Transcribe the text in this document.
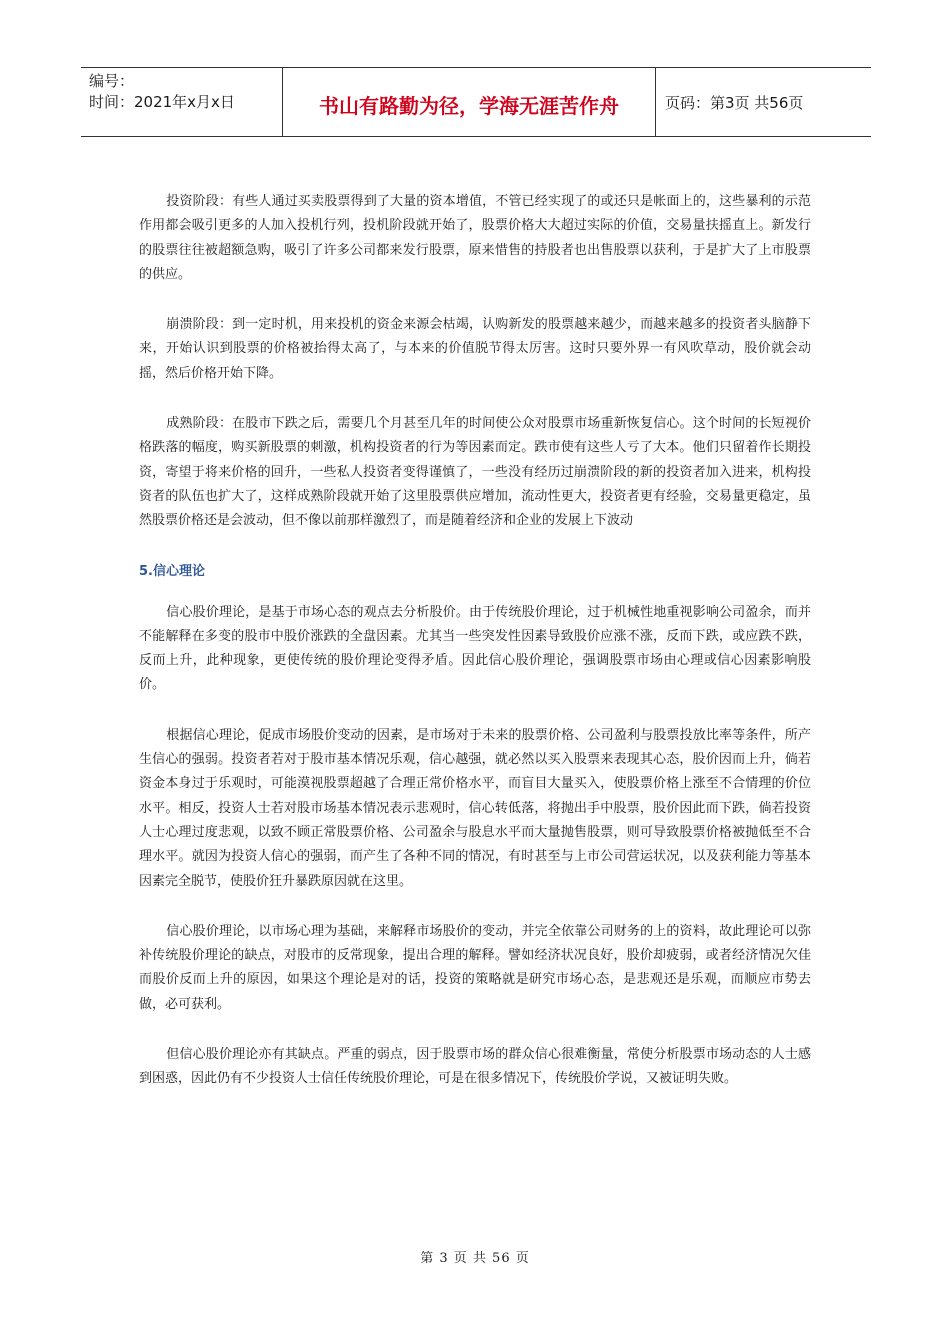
编号：
时间：2021年x月x日	书山有路勤为径，学海无涯苦作舟	页码：第3页 共56页

投资阶段：有些人通过买卖股票得到了大量的资本增值，不管已经实现了的或还只是帐面上的，这些暴利的示范作用都会吸引更多的人加入投机行列，投机阶段就开始了，股票价格大大超过实际的价值，交易量扶摇直上。新发行的股票往往被超额急购，吸引了许多公司都来发行股票，原来惜售的持股者也出售股票以获利，于是扩大了上市股票的供应。

崩溃阶段：到一定时机，用来投机的资金来源会枯竭，认购新发的股票越来越少，而越来越多的投资者头脑静下来，开始认识到股票的价格被抬得太高了，与本来的价值脱节得太厉害。这时只要外界一有风吹草动，股价就会动摇，然后价格开始下降。

成熟阶段：在股市下跌之后，需要几个月甚至几年的时间使公众对股票市场重新恢复信心。这个时间的长短视价格跌落的幅度，购买新股票的刺激，机构投资者的行为等因素而定。跌市使有这些人亏了大本。他们只留着作长期投资，寄望于将来价格的回升，一些私人投资者变得谨慎了，一些没有经历过崩溃阶段的新的投资者加入进来，机构投资者的队伍也扩大了，这样成熟阶段就开始了这里股票供应增加，流动性更大，投资者更有经验，交易量更稳定，虽然股票价格还是会波动，但不像以前那样激烈了，而是随着经济和企业的发展上下波动

5.信心理论

信心股价理论，是基于市场心态的观点去分析股价。由于传统股价理论，过于机械性地重视影响公司盈余，而并不能解释在多变的股市中股价涨跌的全盘因素。尤其当一些突发性因素导致股价应涨不涨，反而下跌，或应跌不跌，反而上升，此种现象，更使传统的股价理论变得矛盾。因此信心股价理论，强调股票市场由心理或信心因素影响股价。

根据信心理论，促成市场股价变动的因素，是市场对于未来的股票价格、公司盈利与股票投放比率等条件，所产生信心的强弱。投资者若对于股市基本情况乐观，信心越强，就必然以买入股票来表现其心态，股价因而上升，倘若资金本身过于乐观时，可能漠视股票超越了合理正常价格水平，而盲目大量买入，使股票价格上涨至不合情理的价位水平。相反，投资人士若对股市场基本情况表示悲观时，信心转低落，将抛出手中股票，股价因此而下跌，倘若投资人士心理过度悲观，以致不顾正常股票价格、公司盈余与股息水平而大量抛售股票，则可导致股票价格被抛低至不合理水平。就因为投资人信心的强弱，而产生了各种不同的情况，有时甚至与上市公司营运状况，以及获利能力等基本因素完全脱节，使股价狂升暴跌原因就在这里。

信心股价理论，以市场心理为基础，来解释市场股价的变动，并完全依靠公司财务的上的资料，故此理论可以弥补传统股价理论的缺点，对股市的反常现象，提出合理的解释。譬如经济状况良好，股价却疲弱，或者经济情况欠佳而股价反而上升的原因，如果这个理论是对的话，投资的策略就是研究市场心态，是悲观还是乐观，而顺应市势去做，必可获利。

但信心股价理论亦有其缺点。严重的弱点，因于股票市场的群众信心很难衡量，常使分析股票市场动态的人士感到困惑，因此仍有不少投资人士信任传统股价理论，可是在很多情况下，传统股价学说，又被证明失败。

第 3 页 共 56 页
